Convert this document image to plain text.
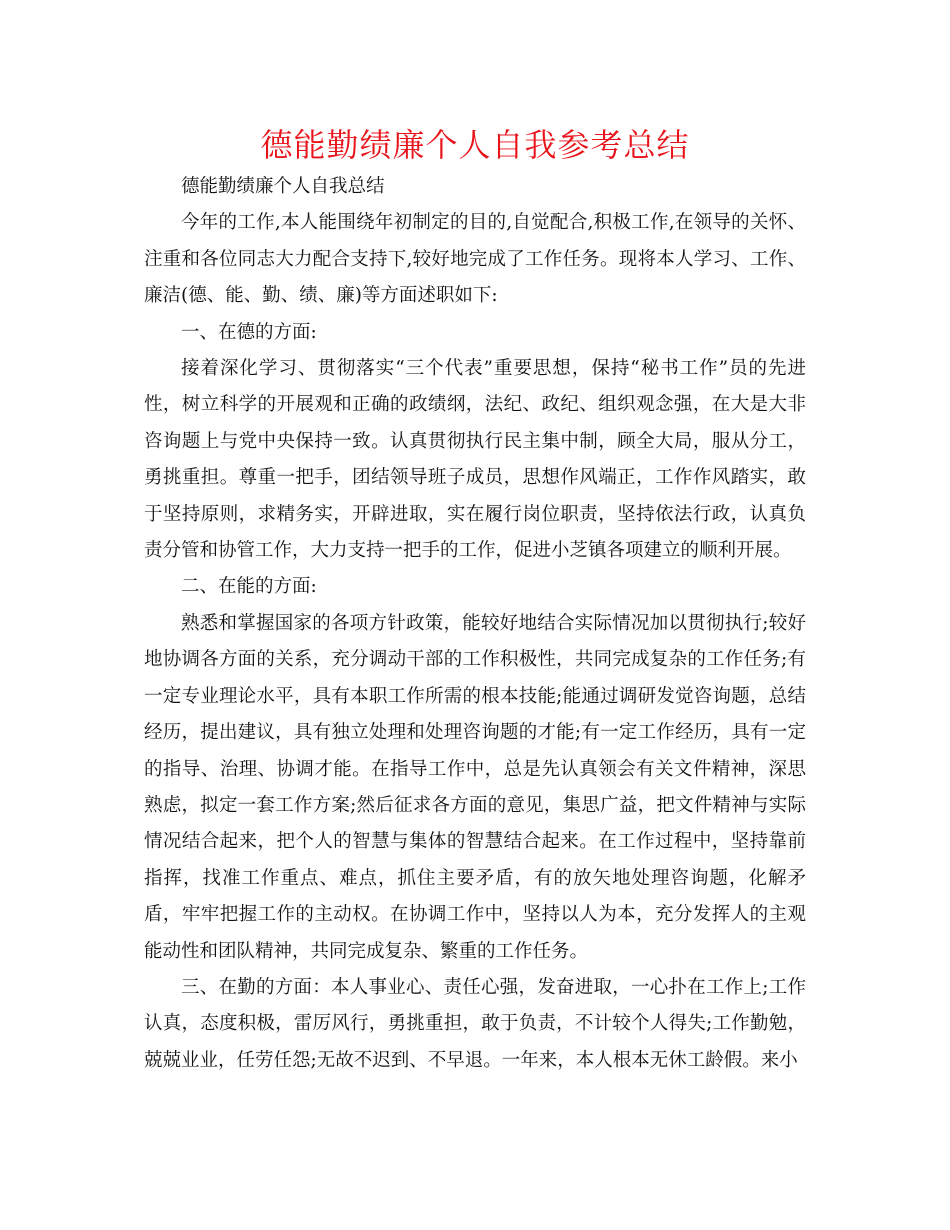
德能勤绩廉个人自我参考总结

德能勤绩廉个人自我总结

今年的工作,本人能围绕年初制定的目的,自觉配合,积极工作,在领导的关怀、注重和各位同志大力配合支持下,较好地完成了工作任务。现将本人学习、工作、廉洁(德、能、勤、绩、廉)等方面述职如下:

一、在德的方面:

接着深化学习、贯彻落实“三个代表”重要思想，保持“秘书工作”员的先进性，树立科学的开展观和正确的政绩纲，法纪、政纪、组织观念强，在大是大非咨询题上与党中央保持一致。认真贯彻执行民主集中制，顾全大局，服从分工，勇挑重担。尊重一把手，团结领导班子成员，思想作风端正，工作作风踏实，敢于坚持原则，求精务实，开辟进取，实在履行岗位职责，坚持依法行政，认真负责分管和协管工作，大力支持一把手的工作，促进小芝镇各项建立的顺利开展。

二、在能的方面:

熟悉和掌握国家的各项方针政策，能较好地结合实际情况加以贯彻执行;较好地协调各方面的关系，充分调动干部的工作积极性，共同完成复杂的工作任务;有一定专业理论水平，具有本职工作所需的根本技能;能通过调研发觉咨询题，总结经历，提出建议，具有独立处理和处理咨询题的才能;有一定工作经历，具有一定的指导、治理、协调才能。在指导工作中，总是先认真领会有关文件精神，深思熟虑，拟定一套工作方案;然后征求各方面的意见，集思广益，把文件精神与实际情况结合起来，把个人的智慧与集体的智慧结合起来。在工作过程中，坚持靠前指挥，找准工作重点、难点，抓住主要矛盾，有的放矢地处理咨询题，化解矛盾，牢牢把握工作的主动权。在协调工作中，坚持以人为本，充分发挥人的主观能动性和团队精神，共同完成复杂、繁重的工作任务。

三、在勤的方面：本人事业心、责任心强，发奋进取，一心扑在工作上;工作认真，态度积极，雷厉风行，勇挑重担，敢于负责，不计较个人得失;工作勤勉，兢兢业业，任劳任怨;无故不迟到、不早退。一年来，本人根本无休工龄假。来小
